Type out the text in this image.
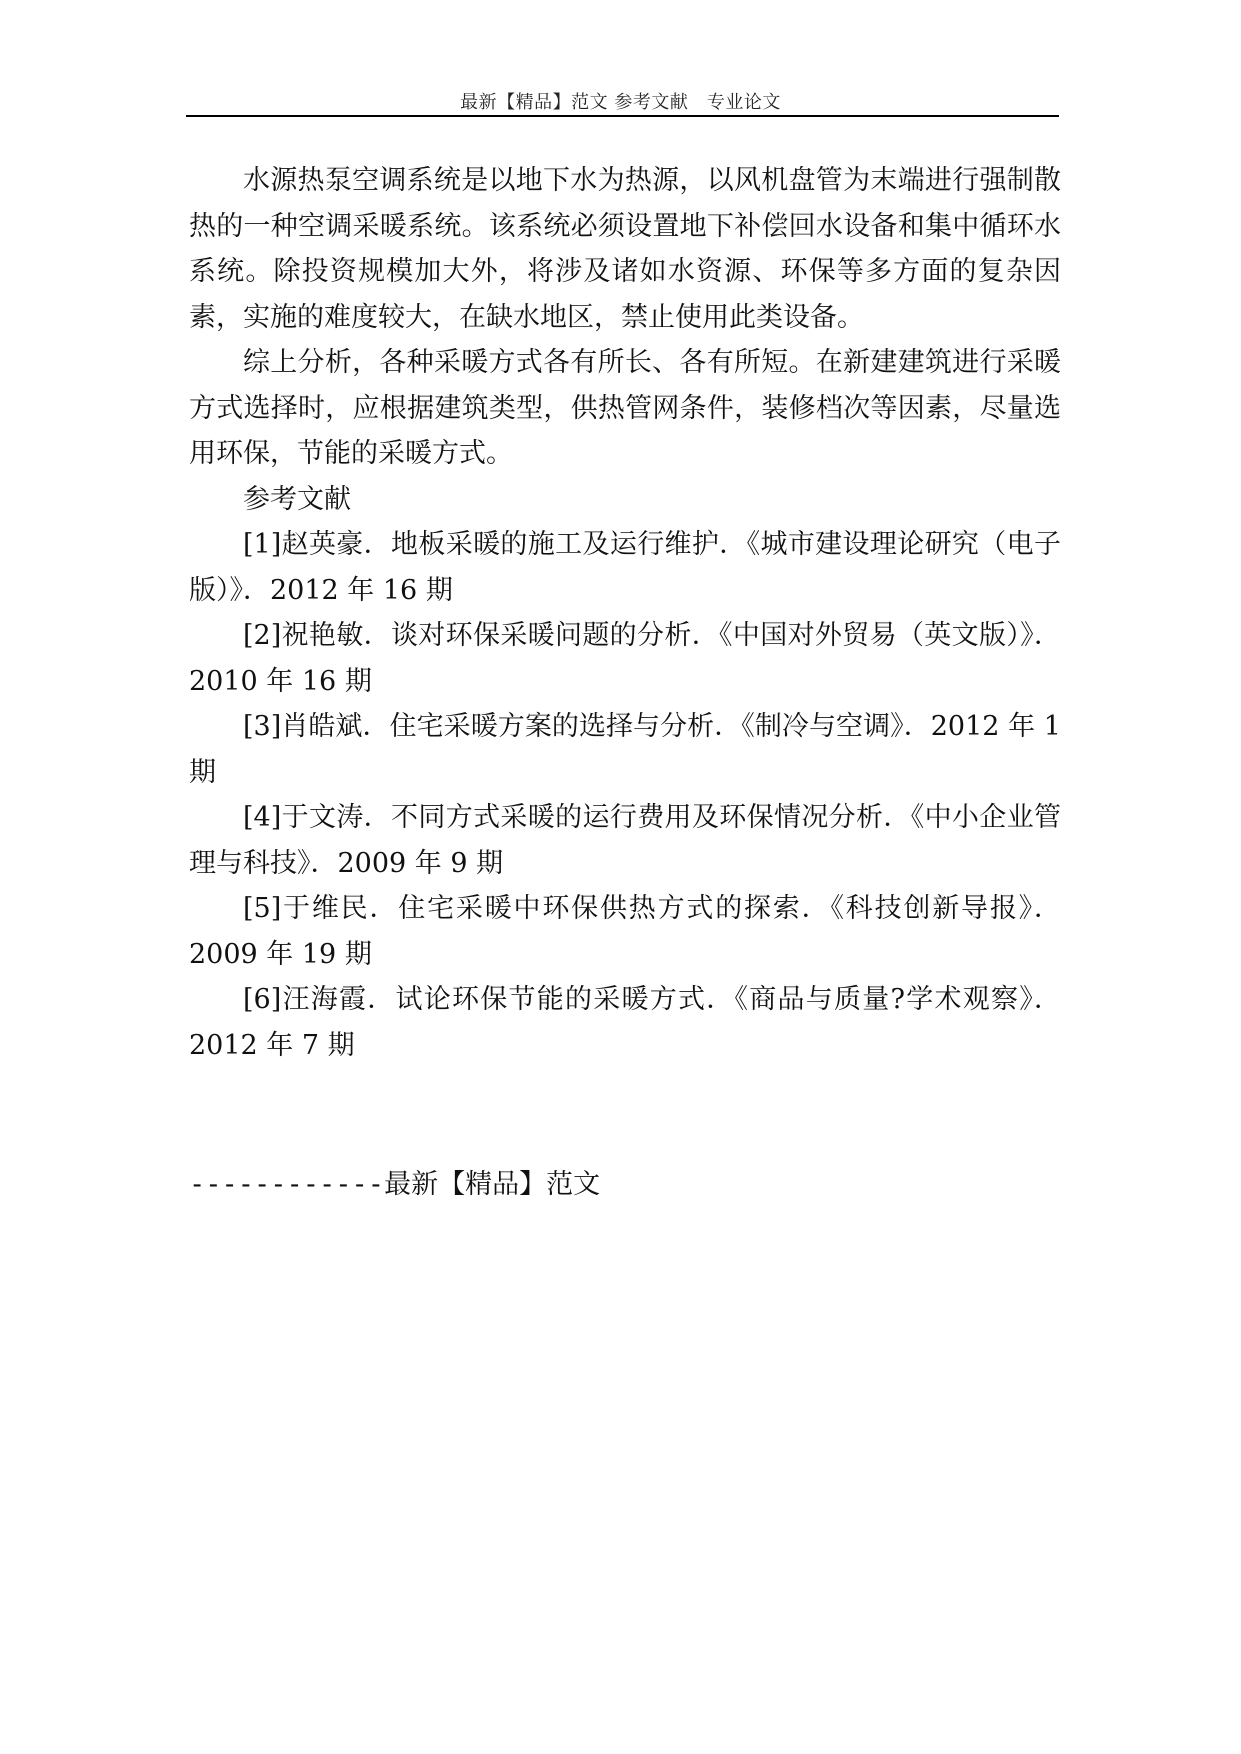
最新【精品】范文 参考文献　专业论文

水源热泵空调系统是以地下水为热源，以风机盘管为末端进行强制散热的一种空调采暖系统。该系统必须设置地下补偿回水设备和集中循环水系统。除投资规模加大外，将涉及诸如水资源、环保等多方面的复杂因素，实施的难度较大，在缺水地区，禁止使用此类设备。

综上分析，各种采暖方式各有所长、各有所短。在新建建筑进行采暖方式选择时，应根据建筑类型，供热管网条件，装修档次等因素，尽量选用环保，节能的采暖方式。

参考文献

[1]赵英豪．地板采暖的施工及运行维护．《城市建设理论研究（电子版）》．2012 年 16 期

[2]祝艳敏．谈对环保采暖问题的分析．《中国对外贸易（英文版）》．2010 年 16 期

[3]肖皓斌．住宅采暖方案的选择与分析．《制冷与空调》．2012 年 1 期

[4]于文涛．不同方式采暖的运行费用及环保情况分析．《中小企业管理与科技》．2009 年 9 期

[5]于维民．住宅采暖中环保供热方式的探索．《科技创新导报》．2009 年 19 期

[6]汪海霞．试论环保节能的采暖方式．《商品与质量?学术观察》．2012 年 7 期

------------最新【精品】范文
